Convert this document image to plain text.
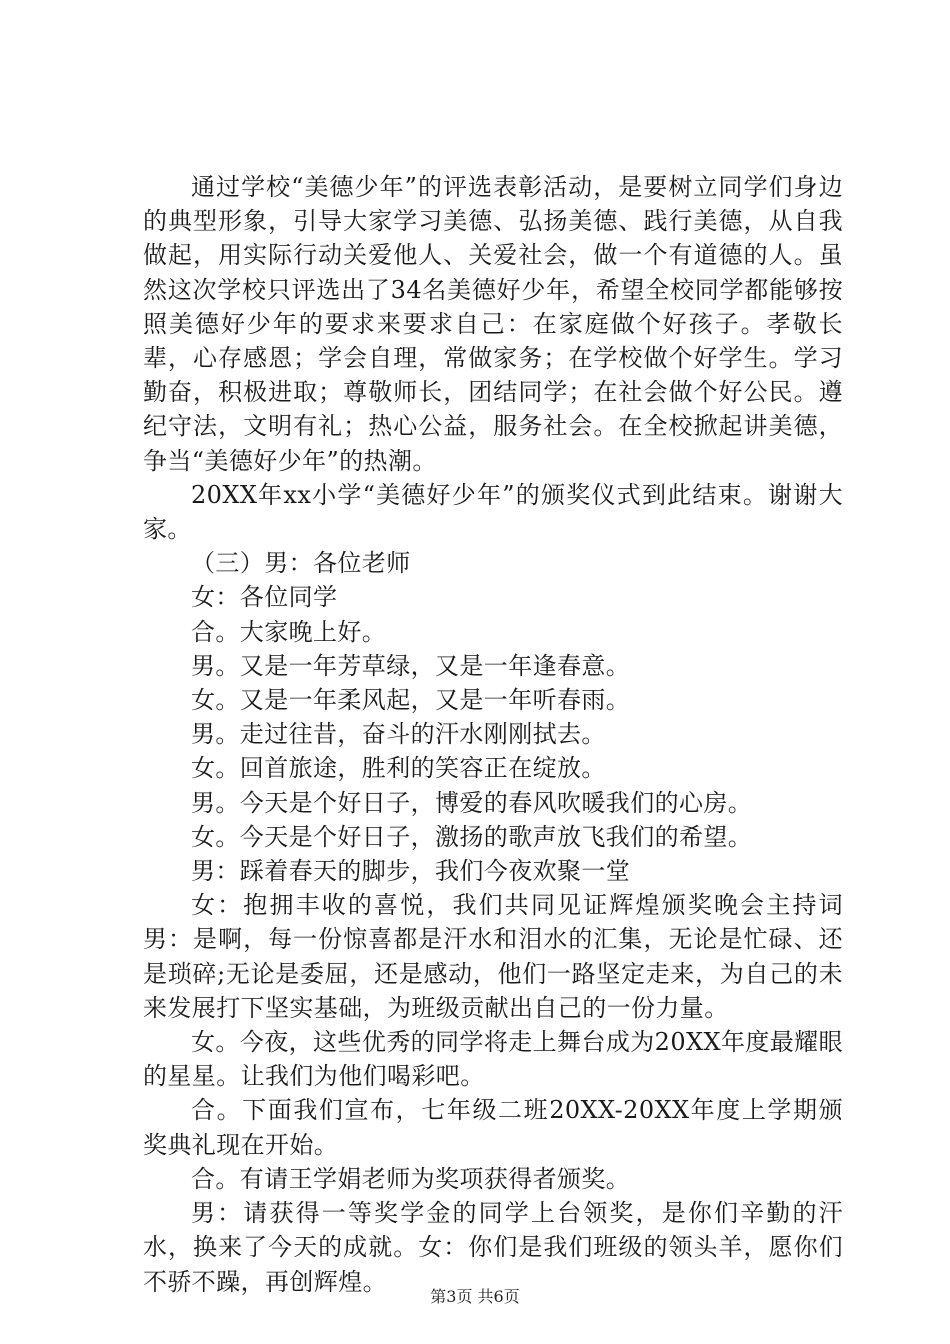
通过学校“美德少年”的评选表彰活动，是要树立同学们身边的典型形象，引导大家学习美德、弘扬美德、践行美德，从自我做起，用实际行动关爱他人、关爱社会，做一个有道德的人。虽然这次学校只评选出了34名美德好少年，希望全校同学都能够按照美德好少年的要求来要求自己：在家庭做个好孩子。孝敬长辈，心存感恩；学会自理，常做家务；在学校做个好学生。学习勤奋，积极进取；尊敬师长，团结同学；在社会做个好公民。遵纪守法，文明有礼；热心公益，服务社会。在全校掀起讲美德，争当“美德好少年”的热潮。

20XX年xx小学“美德好少年”的颁奖仪式到此结束。谢谢大家。

（三）男：各位老师

女：各位同学

合。大家晚上好。

男。又是一年芳草绿，又是一年逢春意。

女。又是一年柔风起，又是一年听春雨。

男。走过往昔，奋斗的汗水刚刚拭去。

女。回首旅途，胜利的笑容正在绽放。

男。今天是个好日子，博爱的春风吹暖我们的心房。

女。今天是个好日子，激扬的歌声放飞我们的希望。

男：踩着春天的脚步，我们今夜欢聚一堂

女：抱拥丰收的喜悦，我们共同见证辉煌颁奖晚会主持词男：是啊，每一份惊喜都是汗水和泪水的汇集，无论是忙碌、还是琐碎;无论是委屈，还是感动，他们一路坚定走来，为自己的未来发展打下坚实基础，为班级贡献出自己的一份力量。

女。今夜，这些优秀的同学将走上舞台成为20XX年度最耀眼的星星。让我们为他们喝彩吧。

合。下面我们宣布，七年级二班20XX-20XX年度上学期颁奖典礼现在开始。

合。有请王学娟老师为奖项获得者颁奖。

男：请获得一等奖学金的同学上台领奖，是你们辛勤的汗水，换来了今天的成就。女：你们是我们班级的领头羊，愿你们不骄不躁，再创辉煌。

第3页 共6页
